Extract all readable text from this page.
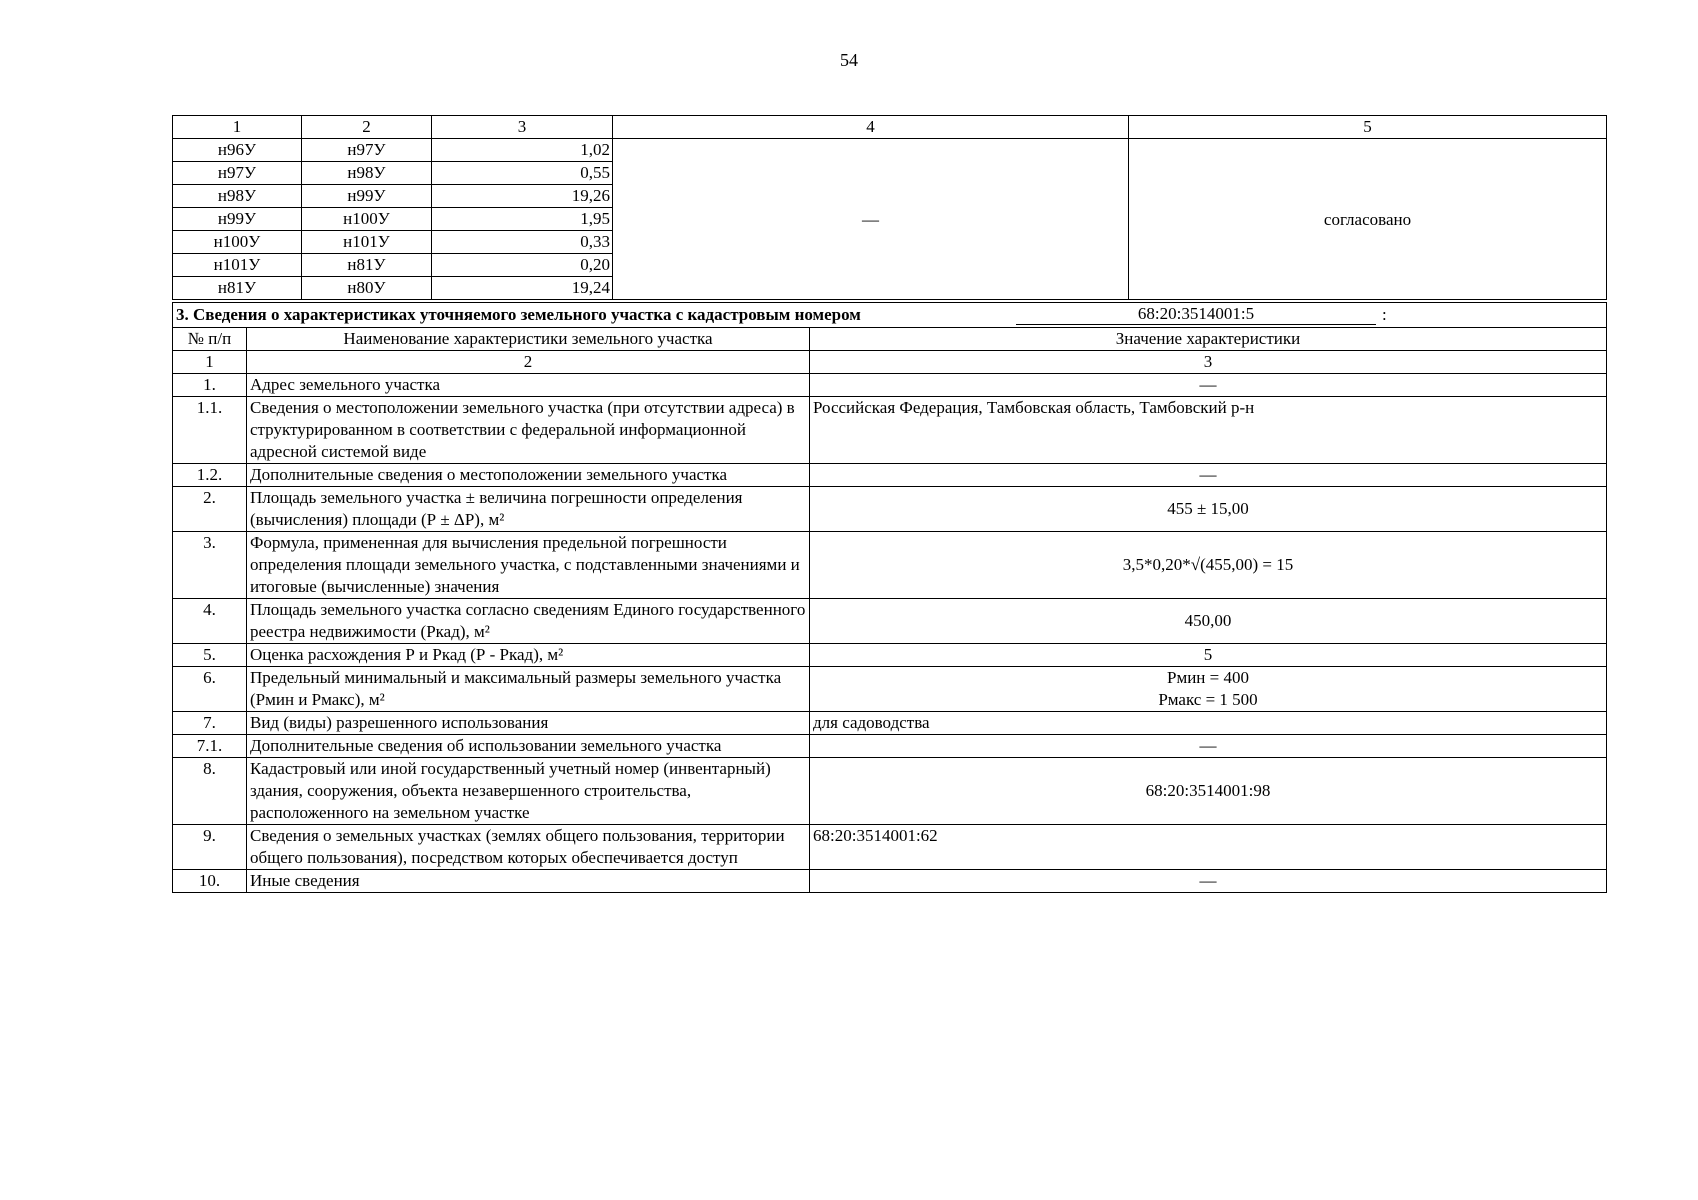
54
1	2	3	4	5
н96У	н97У	1,02	—	согласовано
н97У	н98У	0,55		
н98У	н99У	19,26		
н99У	н100У	1,95		
н100У	н101У	0,33		
н101У	н81У	0,20		
н81У	н80У	19,24		
3. Сведения о характеристиках уточняемого земельного участка с кадастровым номером 68:20:3514001:5 :		

№ п/п	Наименование характеристики земельного участка	Значение характеристики
1	2	3
1.	Адрес земельного участка	—
1.1.	Сведения о местоположении земельного участка (при отсутствии адреса) в структурированном в соответствии с федеральной информационной адресной системой виде	Российская Федерация, Тамбовская область, Тамбовский р-н
1.2.	Дополнительные сведения о местоположении земельного участка	—
2.	Площадь земельного участка ± величина погрешности определения (вычисления) площади (Р ± ΔР), м²	455 ± 15,00
3.	Формула, примененная для вычисления предельной погрешности определения площади земельного участка, с подставленными значениями и итоговые (вычисленные) значения	3,5*0,20*√(455,00) = 15
4.	Площадь земельного участка согласно сведениям Единого государственного реестра недвижимости (Ркад), м²	450,00
5.	Оценка расхождения Р и Ркад (Р - Ркад), м²	5
6.	Предельный минимальный и максимальный размеры земельного участка (Рмин и Рмакс), м²	Рмин = 400
Рмакс = 1 500

7.	Вид (виды) разрешенного использования	для садоводства
7.1.	Дополнительные сведения об использовании земельного участка	—
8.	Кадастровый или иной государственный учетный номер (инвентарный) здания, сооружения, объекта незавершенного строительства, расположенного на земельном участке	68:20:3514001:98
9.	Сведения о земельных участках (землях общего пользования, территории общего пользования), посредством которых обеспечивается доступ	68:20:3514001:62
10.	Иные сведения	—
